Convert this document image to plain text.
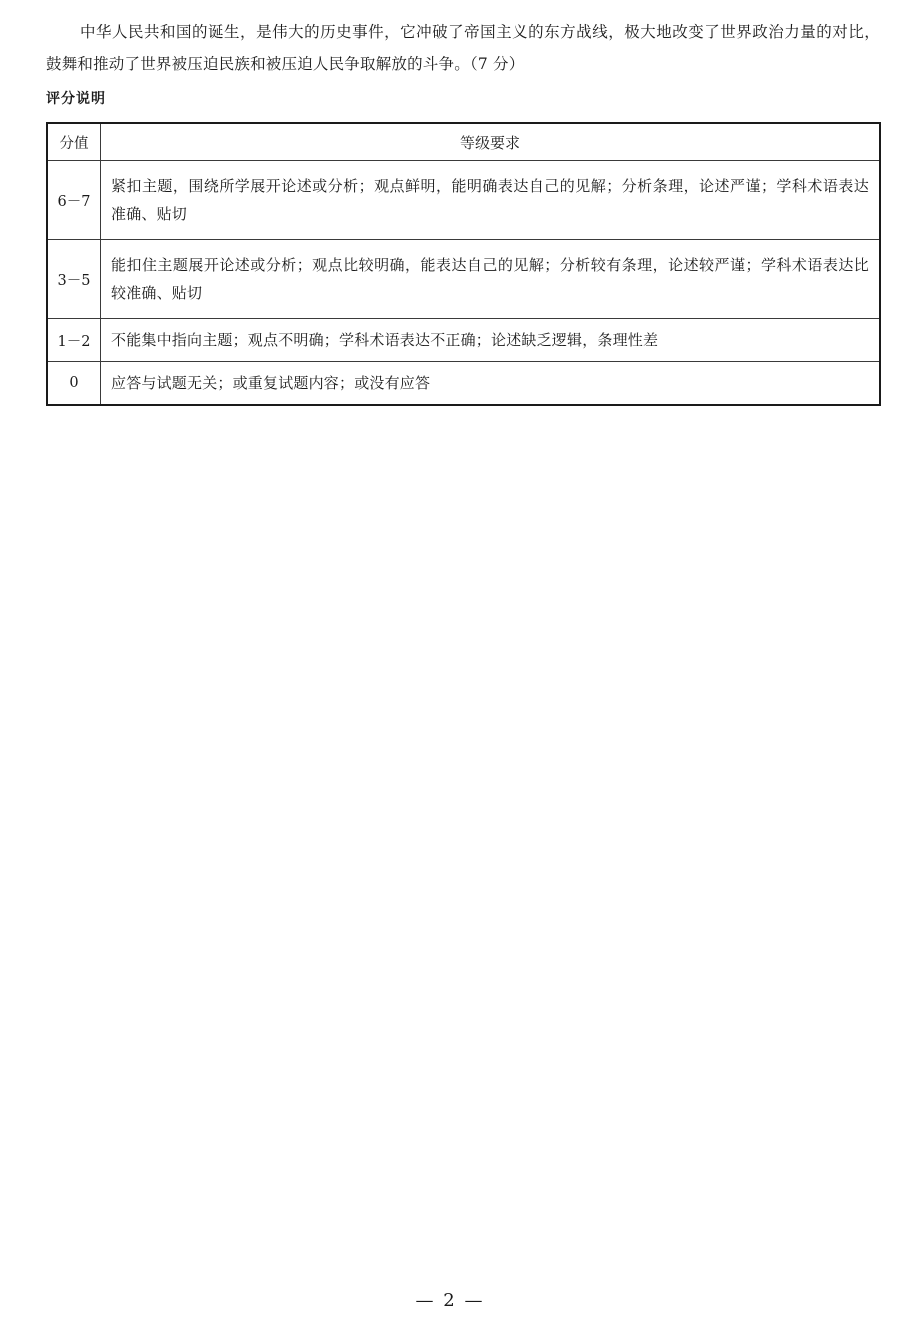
中华人民共和国的诞生，是伟大的历史事件，它冲破了帝国主义的东方战线，极大地改变了世界政治力量的对比，鼓舞和推动了世界被压迫民族和被压迫人民争取解放的斗争。（7 分）

评分说明
分值	等级要求
6－7	紧扣主题，围绕所学展开论述或分析；观点鲜明，能明确表达自己的见解；分析条理，论述严谨；学科术语表达准确、贴切
3－5	能扣住主题展开论述或分析；观点比较明确，能表达自己的见解；分析较有条理，论述较严谨；学科术语表达比较准确、贴切
1－2	不能集中指向主题；观点不明确；学科术语表达不正确；论述缺乏逻辑，条理性差
0	应答与试题无关；或重复试题内容；或没有应答
— 2 —
